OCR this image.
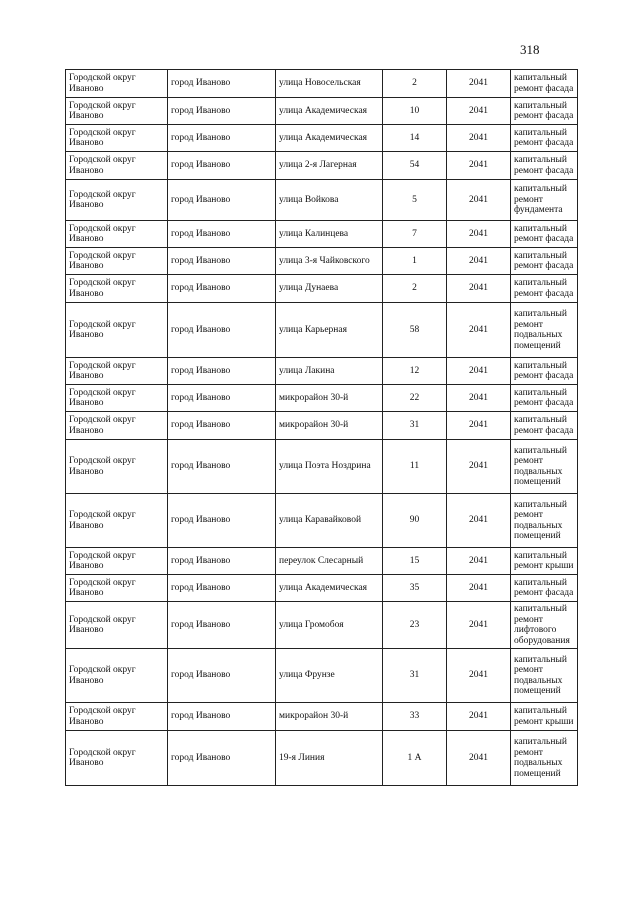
318
Городской округ Иваново	город Иваново	улица Новосельская	2	2041	капитальный ремонт фасада
Городской округ Иваново	город Иваново	улица Академическая	10	2041	капитальный ремонт фасада
Городской округ Иваново	город Иваново	улица Академическая	14	2041	капитальный ремонт фасада
Городской округ Иваново	город Иваново	улица 2-я Лагерная	54	2041	капитальный ремонт фасада
Городской округ Иваново	город Иваново	улица Войкова	5	2041	капитальный ремонт фундамента
Городской округ Иваново	город Иваново	улица Калинцева	7	2041	капитальный ремонт фасада
Городской округ Иваново	город Иваново	улица 3-я Чайковского	1	2041	капитальный ремонт фасада
Городской округ Иваново	город Иваново	улица Дунаева	2	2041	капитальный ремонт фасада
Городской округ Иваново	город Иваново	улица Карьерная	58	2041	капитальный ремонт подвальных помещений
Городской округ Иваново	город Иваново	улица Лакина	12	2041	капитальный ремонт фасада
Городской округ Иваново	город Иваново	микрорайон 30-й	22	2041	капитальный ремонт фасада
Городской округ Иваново	город Иваново	микрорайон 30-й	31	2041	капитальный ремонт фасада
Городской округ Иваново	город Иваново	улица Поэта Ноздрина	11	2041	капитальный ремонт подвальных помещений
Городской округ Иваново	город Иваново	улица Каравайковой	90	2041	капитальный ремонт подвальных помещений
Городской округ Иваново	город Иваново	переулок Слесарный	15	2041	капитальный ремонт крыши
Городской округ Иваново	город Иваново	улица Академическая	35	2041	капитальный ремонт фасада
Городской округ Иваново	город Иваново	улица Громобоя	23	2041	капитальный ремонт лифтового оборудования
Городской округ Иваново	город Иваново	улица Фрунзе	31	2041	капитальный ремонт подвальных помещений
Городской округ Иваново	город Иваново	микрорайон 30-й	33	2041	капитальный ремонт крыши
Городской округ Иваново	город Иваново	19-я Линия	1 А	2041	капитальный ремонт подвальных помещений
